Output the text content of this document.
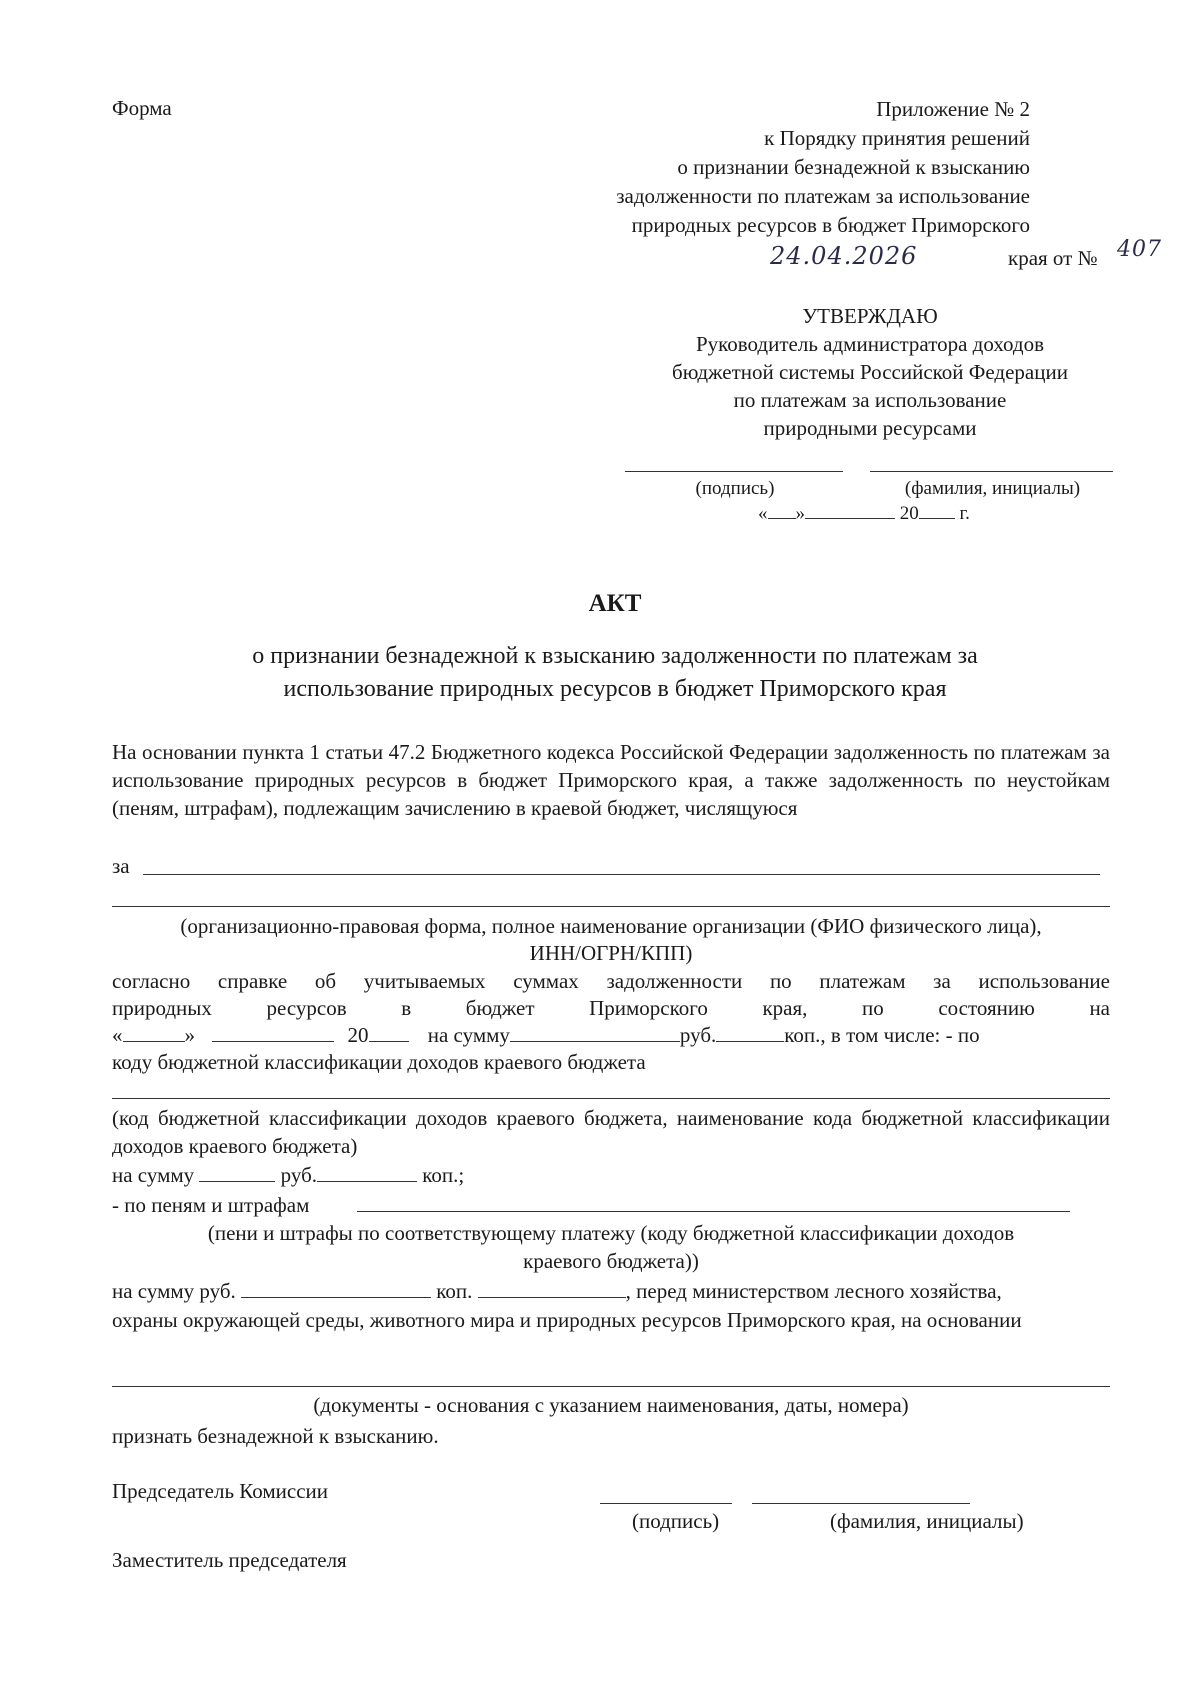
Форма	Приложение № 2
к Порядку принятия решений
о признании безнадежной к взысканию
задолженности по платежам за использование
природных ресурсов в бюджет Приморского
24.04.2026	края от № 407
УТВЕРЖДАЮ
Руководитель администратора доходов
бюджетной системы Российской Федерации
по платежам за использование
природными ресурсами
(подпись)	(фамилия, инициалы)
« »	20 г.
АКТ
о признании безнадежной к взысканию задолженности по платежам за
использование природных ресурсов в бюджет Приморского края
На основании пункта 1 статьи 47.2 Бюджетного кодекса Российской Федерации задолженность по платежам за использование природных ресурсов в бюджет Приморского края, а также задолженность по неустойкам (пеням, штрафам), подлежащим зачислению в краевой бюджет, числящуюся
за
(организационно-правовая форма, полное наименование организации (ФИО физического лица),
ИНН/ОГРН/КПП)
согласно справке об учитываемых суммах задолженности по платежам за использование
природных ресурсов в бюджет Приморского края, по состоянию на
«	»	20	на сумму	руб.	коп., в том числе: - по
коду бюджетной классификации доходов краевого бюджета
(код бюджетной классификации доходов краевого бюджета, наименование кода бюджетной классификации доходов краевого бюджета)
на сумму	руб.	коп.;
- по пеням и штрафам
(пени и штрафы по соответствующему платежу (коду бюджетной классификации доходов
краевого бюджета))
на сумму руб.	коп.	, перед министерством лесного хозяйства,
охраны окружающей среды, животного мира и природных ресурсов Приморского края, на основании
(документы - основания с указанием наименования, даты, номера)
признать безнадежной к взысканию.
Председатель Комиссии
(подпись)	(фамилия, инициалы)
Заместитель председателя
